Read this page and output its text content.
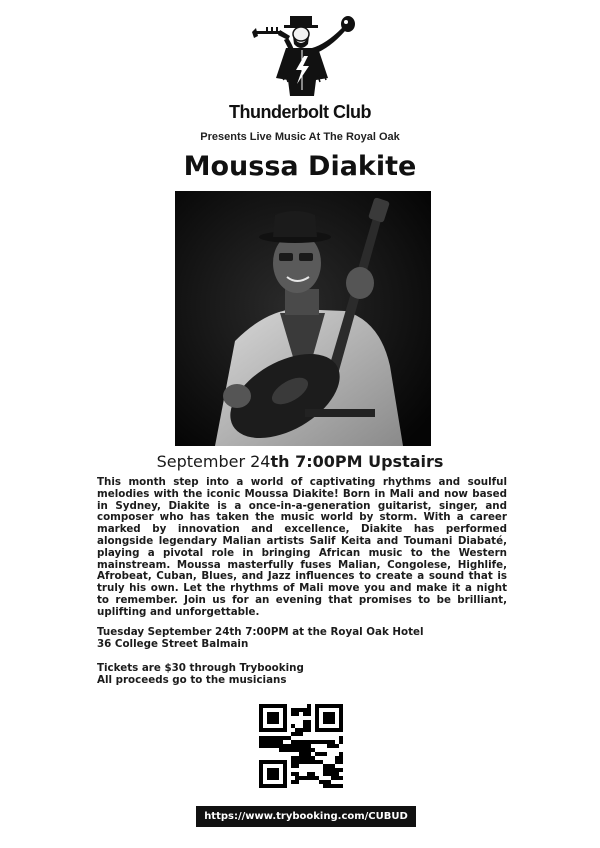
Thunderbolt Club
Presents Live Music At The Royal Oak
Moussa Diakite
September 24th 7:00PM Upstairs
This month step into a world of captivating rhythms and soulful melodies with the iconic Moussa Diakite! Born in Mali and now based in Sydney, Diakite is a once-in-a-generation guitarist, singer, and composer who has taken the music world by storm. With a career marked by innovation and excellence, Diakite has performed alongside legendary Malian artists Salif Keita and Toumani Diabaté, playing a pivotal role in bringing African music to the Western mainstream. Moussa masterfully fuses Malian, Congolese, Highlife, Afrobeat, Cuban, Blues, and Jazz influences to create a sound that is truly his own. Let the rhythms of Mali move you and make it a night to remember. Join us for an evening that promises to be brilliant, uplifting and unforgettable.
Tuesday September 24th 7:00PM at the Royal Oak Hotel
36 College Street Balmain
Tickets are $30 through Trybooking
All proceeds go to the musicians
https://www.trybooking.com/CUBUD
